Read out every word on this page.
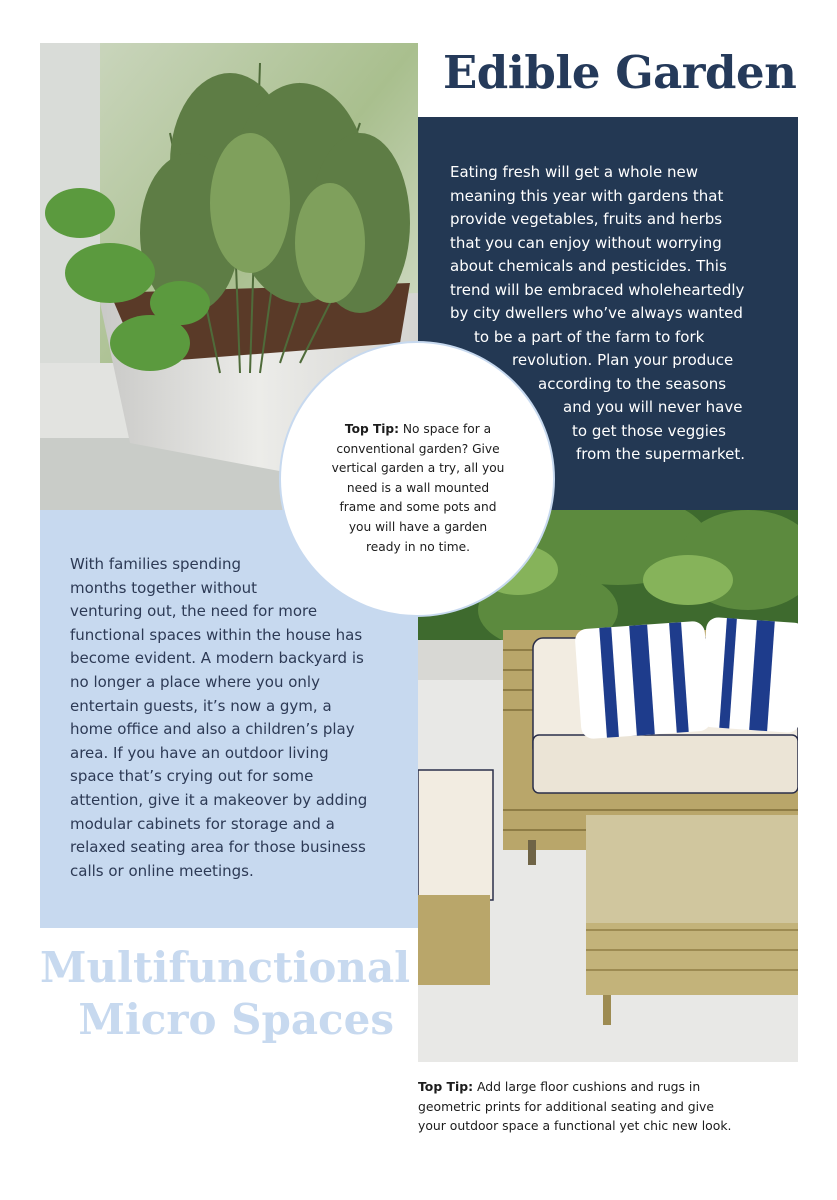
Edible Garden
Eating fresh will get a whole new
meaning this year with gardens that
provide vegetables, fruits and herbs
that you can enjoy without worrying
about chemicals and pesticides. This
trend will be embraced wholeheartedly
by city dwellers who’ve always wanted
to be a part of the farm to fork
revolution. Plan your produce
according to the seasons
and you will never have
to get those veggies
from the supermarket.
With families spending
months together without
venturing out, the need for more
functional spaces within the house has
become evident. A modern backyard is
no longer a place where you only
entertain guests, it’s now a gym, a
home office and also a children’s play
area. If you have an outdoor living
space that’s crying out for some
attention, give it a makeover by adding
modular cabinets for storage and a
relaxed seating area for those business
calls or online meetings.
Multifunctional
Micro Spaces
Top Tip: No space for a
conventional garden? Give
vertical garden a try, all you
need is a wall mounted
frame and some pots and
you will have a garden
ready in no time.
Top Tip: Add large floor cushions and rugs in
geometric prints for additional seating and give
your outdoor space a functional yet chic new look.
